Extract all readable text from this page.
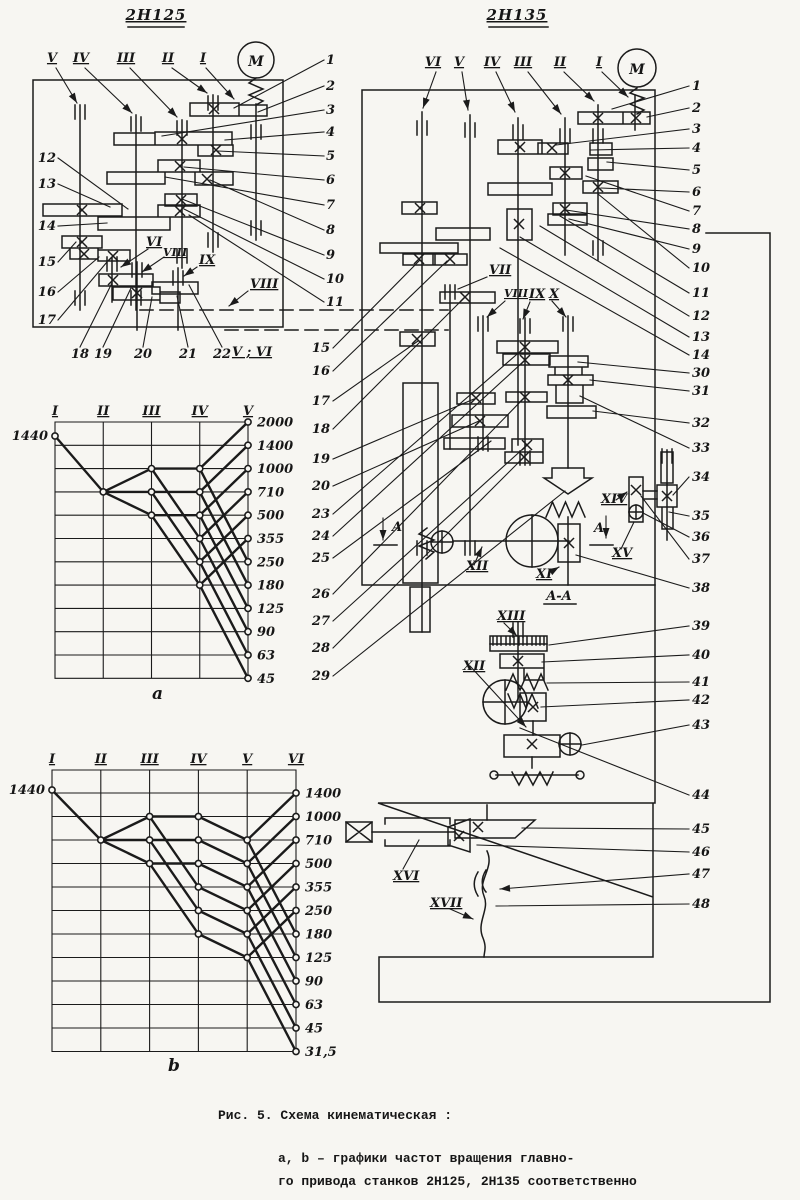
2Н125
М
V IV III II I
VI
VIII
IX
VIII
V ; VI
1
2
3
4
5
6
7
8
9
10
11
12
13
14
15
16
17
18 19 20 21 22
2Н135
М
VI V IV III II I
VII
VIII IX X
XII
XI
XIV
XV
A	A
A-A
XIII
XII
XVI
XVII
1
2
3
4
5
6
7
8
9
10
11
12
13
14
30
31
32
33
34
35
36
37
38
15
16
17
18
19
20
23
24
25
26
27
28
29
39
40
41
42
43
44
45
46
47
48
I	II	III IV	V
2000
1400
1000
710
500
355
250
180
125
90
63
45
1440
a
I	II	III IV	V	VI
1400
1000
710
500
355
250
180
125
90
63
45
31,5
1440
b
Рис. 5. Схема кинематическая :
a, b – графики частот вращения главно-
го привода станков 2Н125, 2Н135 соответственно
